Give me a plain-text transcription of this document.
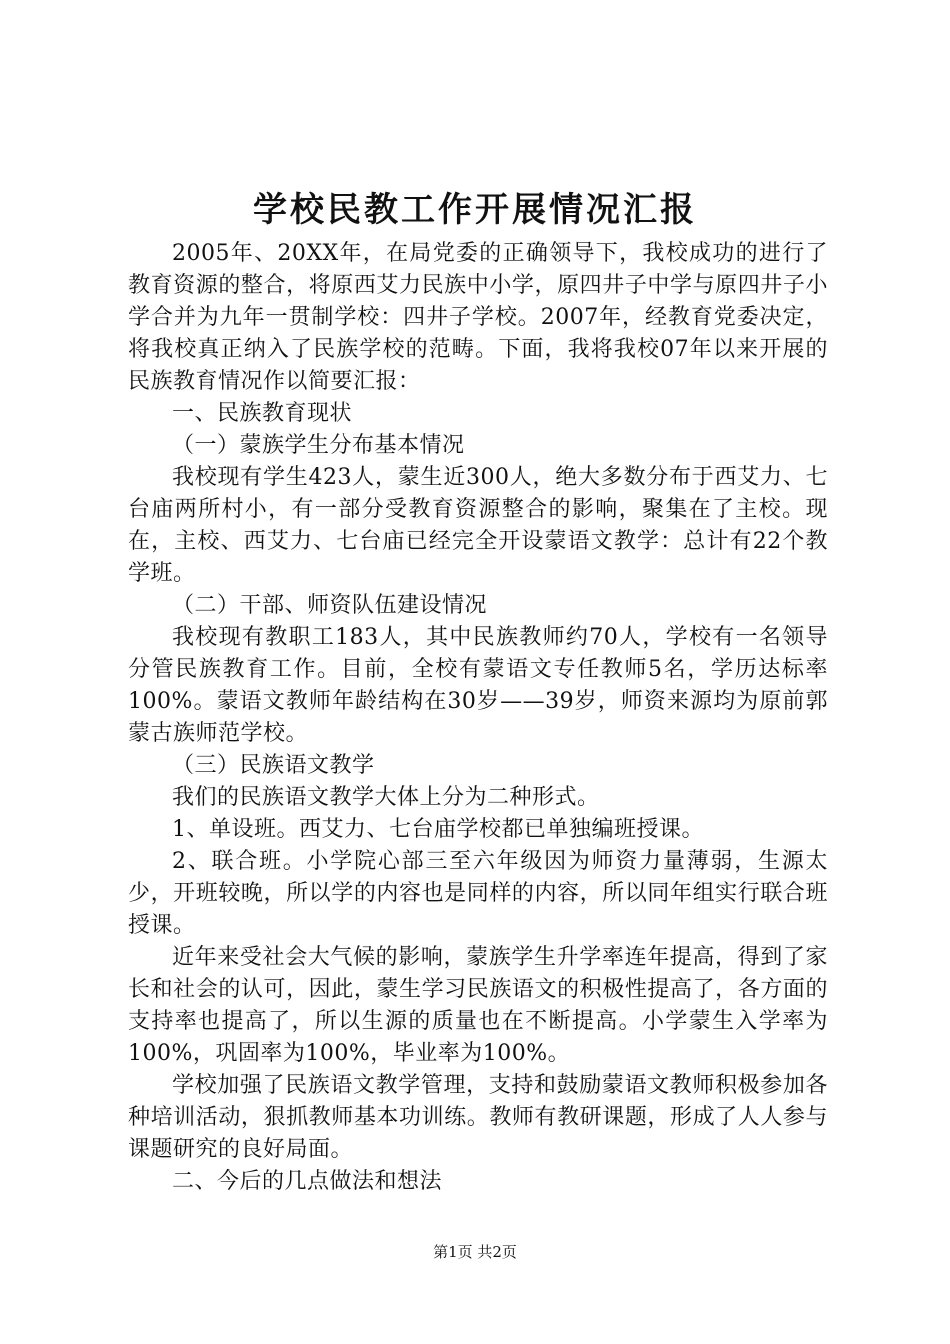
学校民教工作开展情况汇报

2005年、20XX年，在局党委的正确领导下，我校成功的进行了教育资源的整合，将原西艾力民族中小学，原四井子中学与原四井子小学合并为九年一贯制学校：四井子学校。2007年，经教育党委决定，将我校真正纳入了民族学校的范畴。下面，我将我校07年以来开展的民族教育情况作以简要汇报：

一、民族教育现状

（一）蒙族学生分布基本情况

我校现有学生423人，蒙生近300人，绝大多数分布于西艾力、七台庙两所村小，有一部分受教育资源整合的影响，聚集在了主校。现在，主校、西艾力、七台庙已经完全开设蒙语文教学：总计有22个教学班。

（二）干部、师资队伍建设情况

我校现有教职工183人，其中民族教师约70人，学校有一名领导分管民族教育工作。目前，全校有蒙语文专任教师5名，学历达标率100%。蒙语文教师年龄结构在30岁——39岁，师资来源均为原前郭蒙古族师范学校。

（三）民族语文教学

我们的民族语文教学大体上分为二种形式。

1、单设班。西艾力、七台庙学校都已单独编班授课。

2、联合班。小学院心部三至六年级因为师资力量薄弱，生源太少，开班较晚，所以学的内容也是同样的内容，所以同年组实行联合班授课。

近年来受社会大气候的影响，蒙族学生升学率连年提高，得到了家长和社会的认可，因此，蒙生学习民族语文的积极性提高了，各方面的支持率也提高了，所以生源的质量也在不断提高。小学蒙生入学率为100%，巩固率为100%，毕业率为100%。

学校加强了民族语文教学管理，支持和鼓励蒙语文教师积极参加各种培训活动，狠抓教师基本功训练。教师有教研课题，形成了人人参与课题研究的良好局面。

二、今后的几点做法和想法

第1页 共2页
